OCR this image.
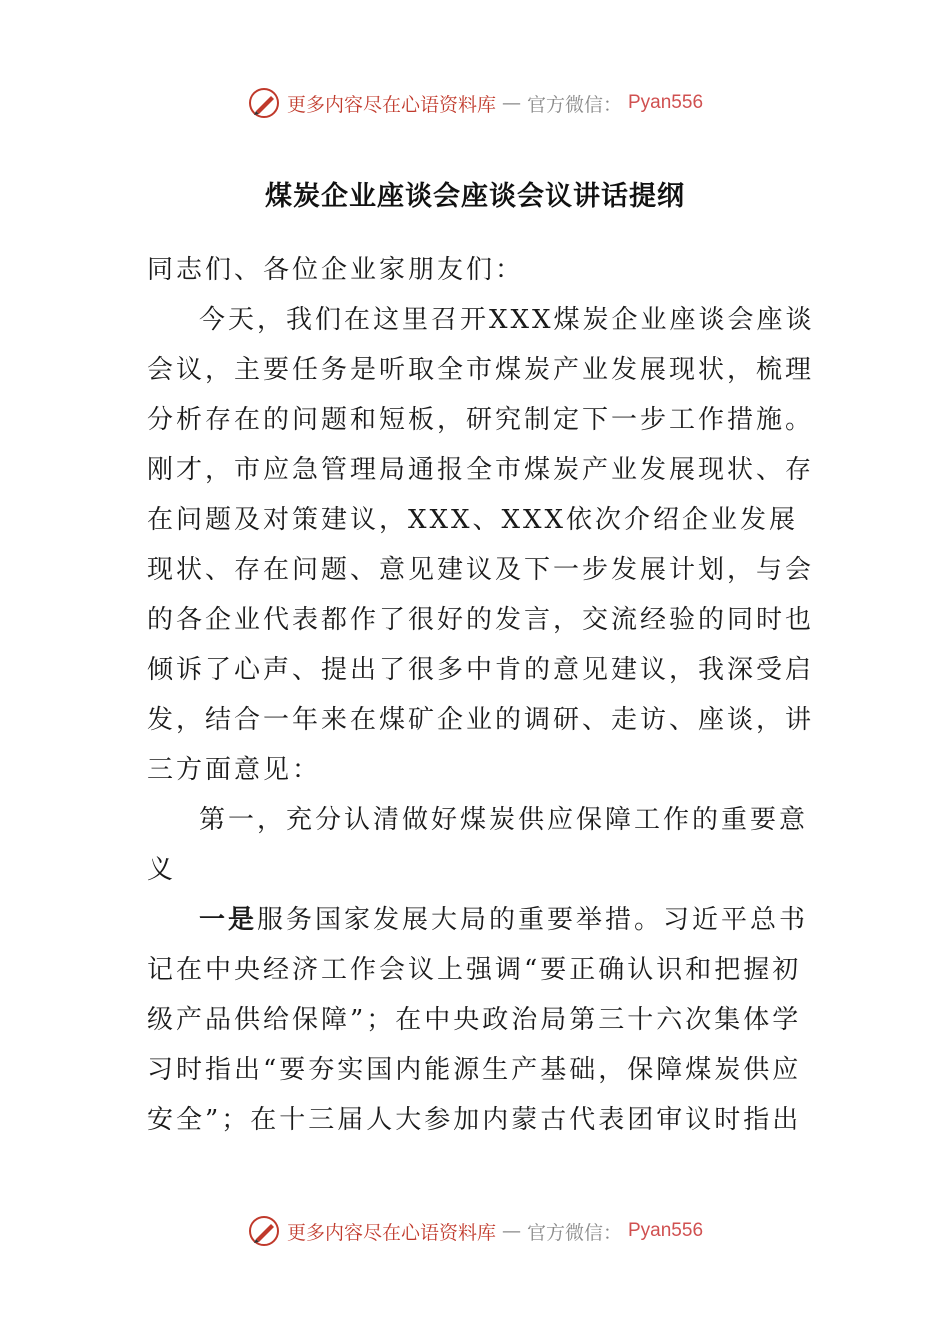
更多内容尽在心语资料库 — 官方微信： Pyan556
煤炭企业座谈会座谈会议讲话提纲

同志们、各位企业家朋友们：

今天，我们在这里召开XXX煤炭企业座谈会座谈会议，主要任务是听取全市煤炭产业发展现状，梳理分析存在的问题和短板，研究制定下一步工作措施。刚才，市应急管理局通报全市煤炭产业发展现状、存在问题及对策建议，XXX、XXX依次介绍企业发展现状、存在问题、意见建议及下一步发展计划，与会的各企业代表都作了很好的发言，交流经验的同时也倾诉了心声、提出了很多中肯的意见建议，我深受启发，结合一年来在煤矿企业的调研、走访、座谈，讲三方面意见：

第一，充分认清做好煤炭供应保障工作的重要意义

一是服务国家发展大局的重要举措。习近平总书记在中央经济工作会议上强调“要正确认识和把握初级产品供给保障”；在中央政治局第三十六次集体学习时指出“要夯实国内能源生产基础，保障煤炭供应安全”；在十三届人大参加内蒙古代表团审议时指出

更多内容尽在心语资料库 — 官方微信： Pyan556
